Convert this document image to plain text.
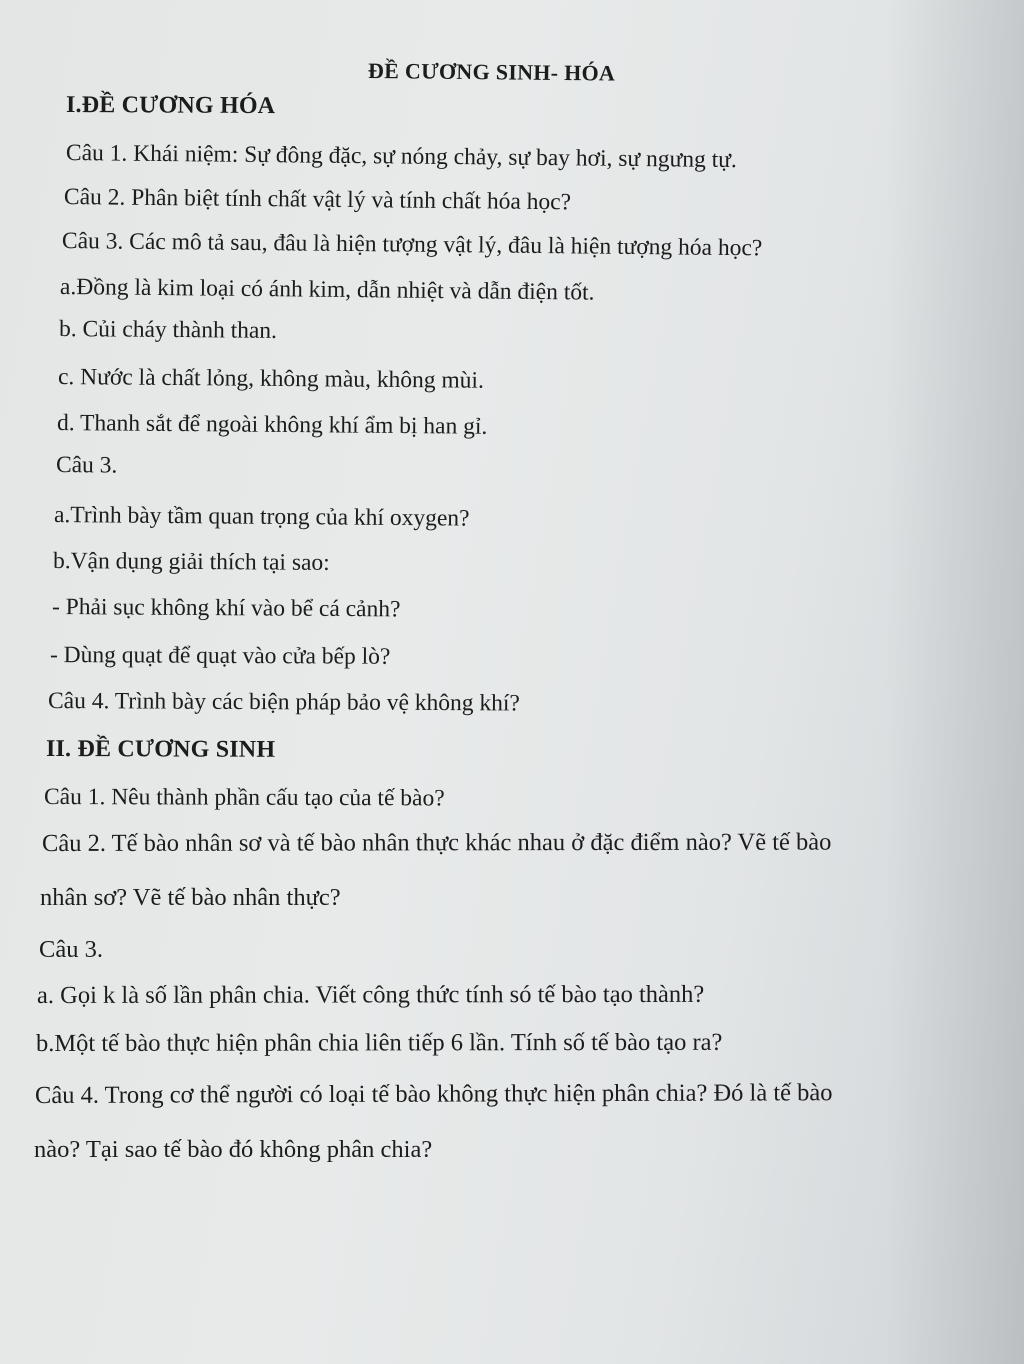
ĐỀ CƯƠNG SINH- HÓA
I.ĐỀ CƯƠNG HÓA
Câu 1. Khái niệm: Sự đông đặc, sự nóng chảy, sự bay hơi, sự ngưng tự.
Câu 2. Phân biệt tính chất vật lý và tính chất hóa học?
Câu 3. Các mô tả sau, đâu là hiện tượng vật lý, đâu là hiện tượng hóa học?
a.Đồng là kim loại có ánh kim, dẫn nhiệt và dẫn điện tốt.
b. Củi cháy thành than.
c. Nước là chất lỏng, không màu, không mùi.
d. Thanh sắt để ngoài không khí ẩm bị han gỉ.
Câu 3.
a.Trình bày tầm quan trọng của khí oxygen?
b.Vận dụng giải thích tại sao:
- Phải sục không khí vào bể cá cảnh?
- Dùng quạt để quạt vào cửa bếp lò?
Câu 4. Trình bày các biện pháp bảo vệ không khí?
II. ĐỀ CƯƠNG SINH
Câu 1. Nêu thành phần cấu tạo của tế bào?
Câu 2. Tế bào nhân sơ và tế bào nhân thực khác nhau ở đặc điểm nào? Vẽ tế bào
nhân sơ? Vẽ tế bào nhân thực?
Câu 3.
a. Gọi k là số lần phân chia. Viết công thức tính só tế bào tạo thành?
b.Một tế bào thực hiện phân chia liên tiếp 6 lần. Tính số tế bào tạo ra?
Câu 4. Trong cơ thể người có loại tế bào không thực hiện phân chia? Đó là tế bào
nào? Tại sao tế bào đó không phân chia?
